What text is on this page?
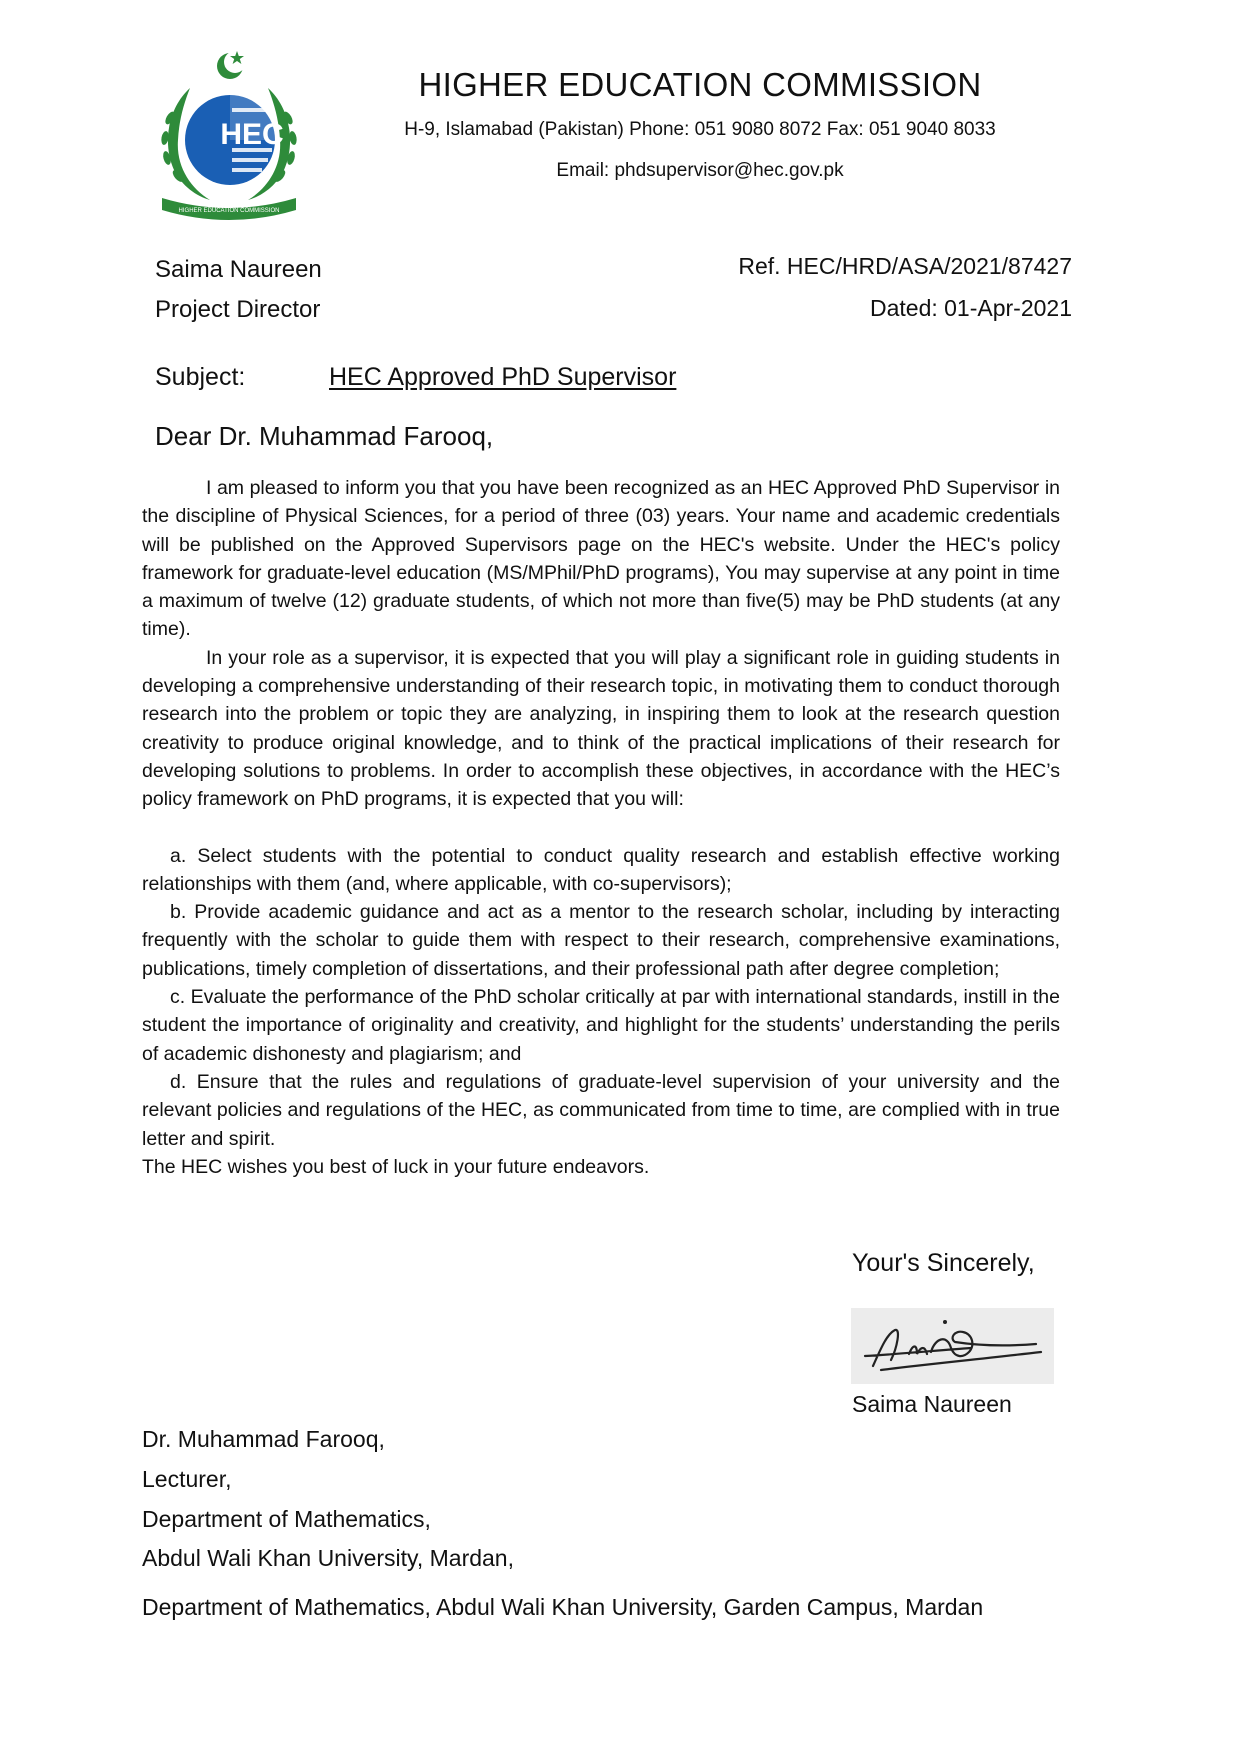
HEC
HIGHER EDUCATION COMMISSION
HIGHER EDUCATION COMMISSION
H-9, Islamabad (Pakistan) Phone: 051 9080 8072 Fax: 051 9040 8033
Email: phdsupervisor@hec.gov.pk
Saima Naureen
Project Director
Ref. HEC/HRD/ASA/2021/87427
Dated: 01-Apr-2021
Subject:	HEC Approved PhD Supervisor
Dear Dr. Muhammad Farooq,

I am pleased to inform you that you have been recognized as an HEC Approved PhD Supervisor in the discipline of Physical Sciences, for a period of three (03) years. Your name and academic credentials will be published on the Approved Supervisors page on the HEC's website. Under the HEC's policy framework for graduate-level education (MS/MPhil/PhD programs), You may supervise at any point in time a maximum of twelve (12) graduate students, of which not more than five(5) may be PhD students (at any time).

In your role as a supervisor, it is expected that you will play a significant role in guiding students in developing a comprehensive understanding of their research topic, in motivating them to conduct thorough research into the problem or topic they are analyzing, in inspiring them to look at the research question creativity to produce original knowledge, and to think of the practical implications of their research for developing solutions to problems. In order to accomplish these objectives, in accordance with the HEC’s policy framework on PhD programs, it is expected that you will:

a. Select students with the potential to conduct quality research and establish effective working relationships with them (and, where applicable, with co-supervisors);

b. Provide academic guidance and act as a mentor to the research scholar, including by interacting frequently with the scholar to guide them with respect to their research, comprehensive examinations, publications, timely completion of dissertations, and their professional path after degree completion;

c. Evaluate the performance of the PhD scholar critically at par with international standards, instill in the student the importance of originality and creativity, and highlight for the students’ understanding the perils of academic dishonesty and plagiarism; and

d. Ensure that the rules and regulations of graduate-level supervision of your university and the relevant policies and regulations of the HEC, as communicated from time to time, are complied with in true letter and spirit.

The HEC wishes you best of luck in your future endeavors.

Your's Sincerely,
Saima Naureen
Dr. Muhammad Farooq,
Lecturer,
Department of Mathematics,
Abdul Wali Khan University, Mardan,
Department of Mathematics, Abdul Wali Khan University, Garden Campus, Mardan
